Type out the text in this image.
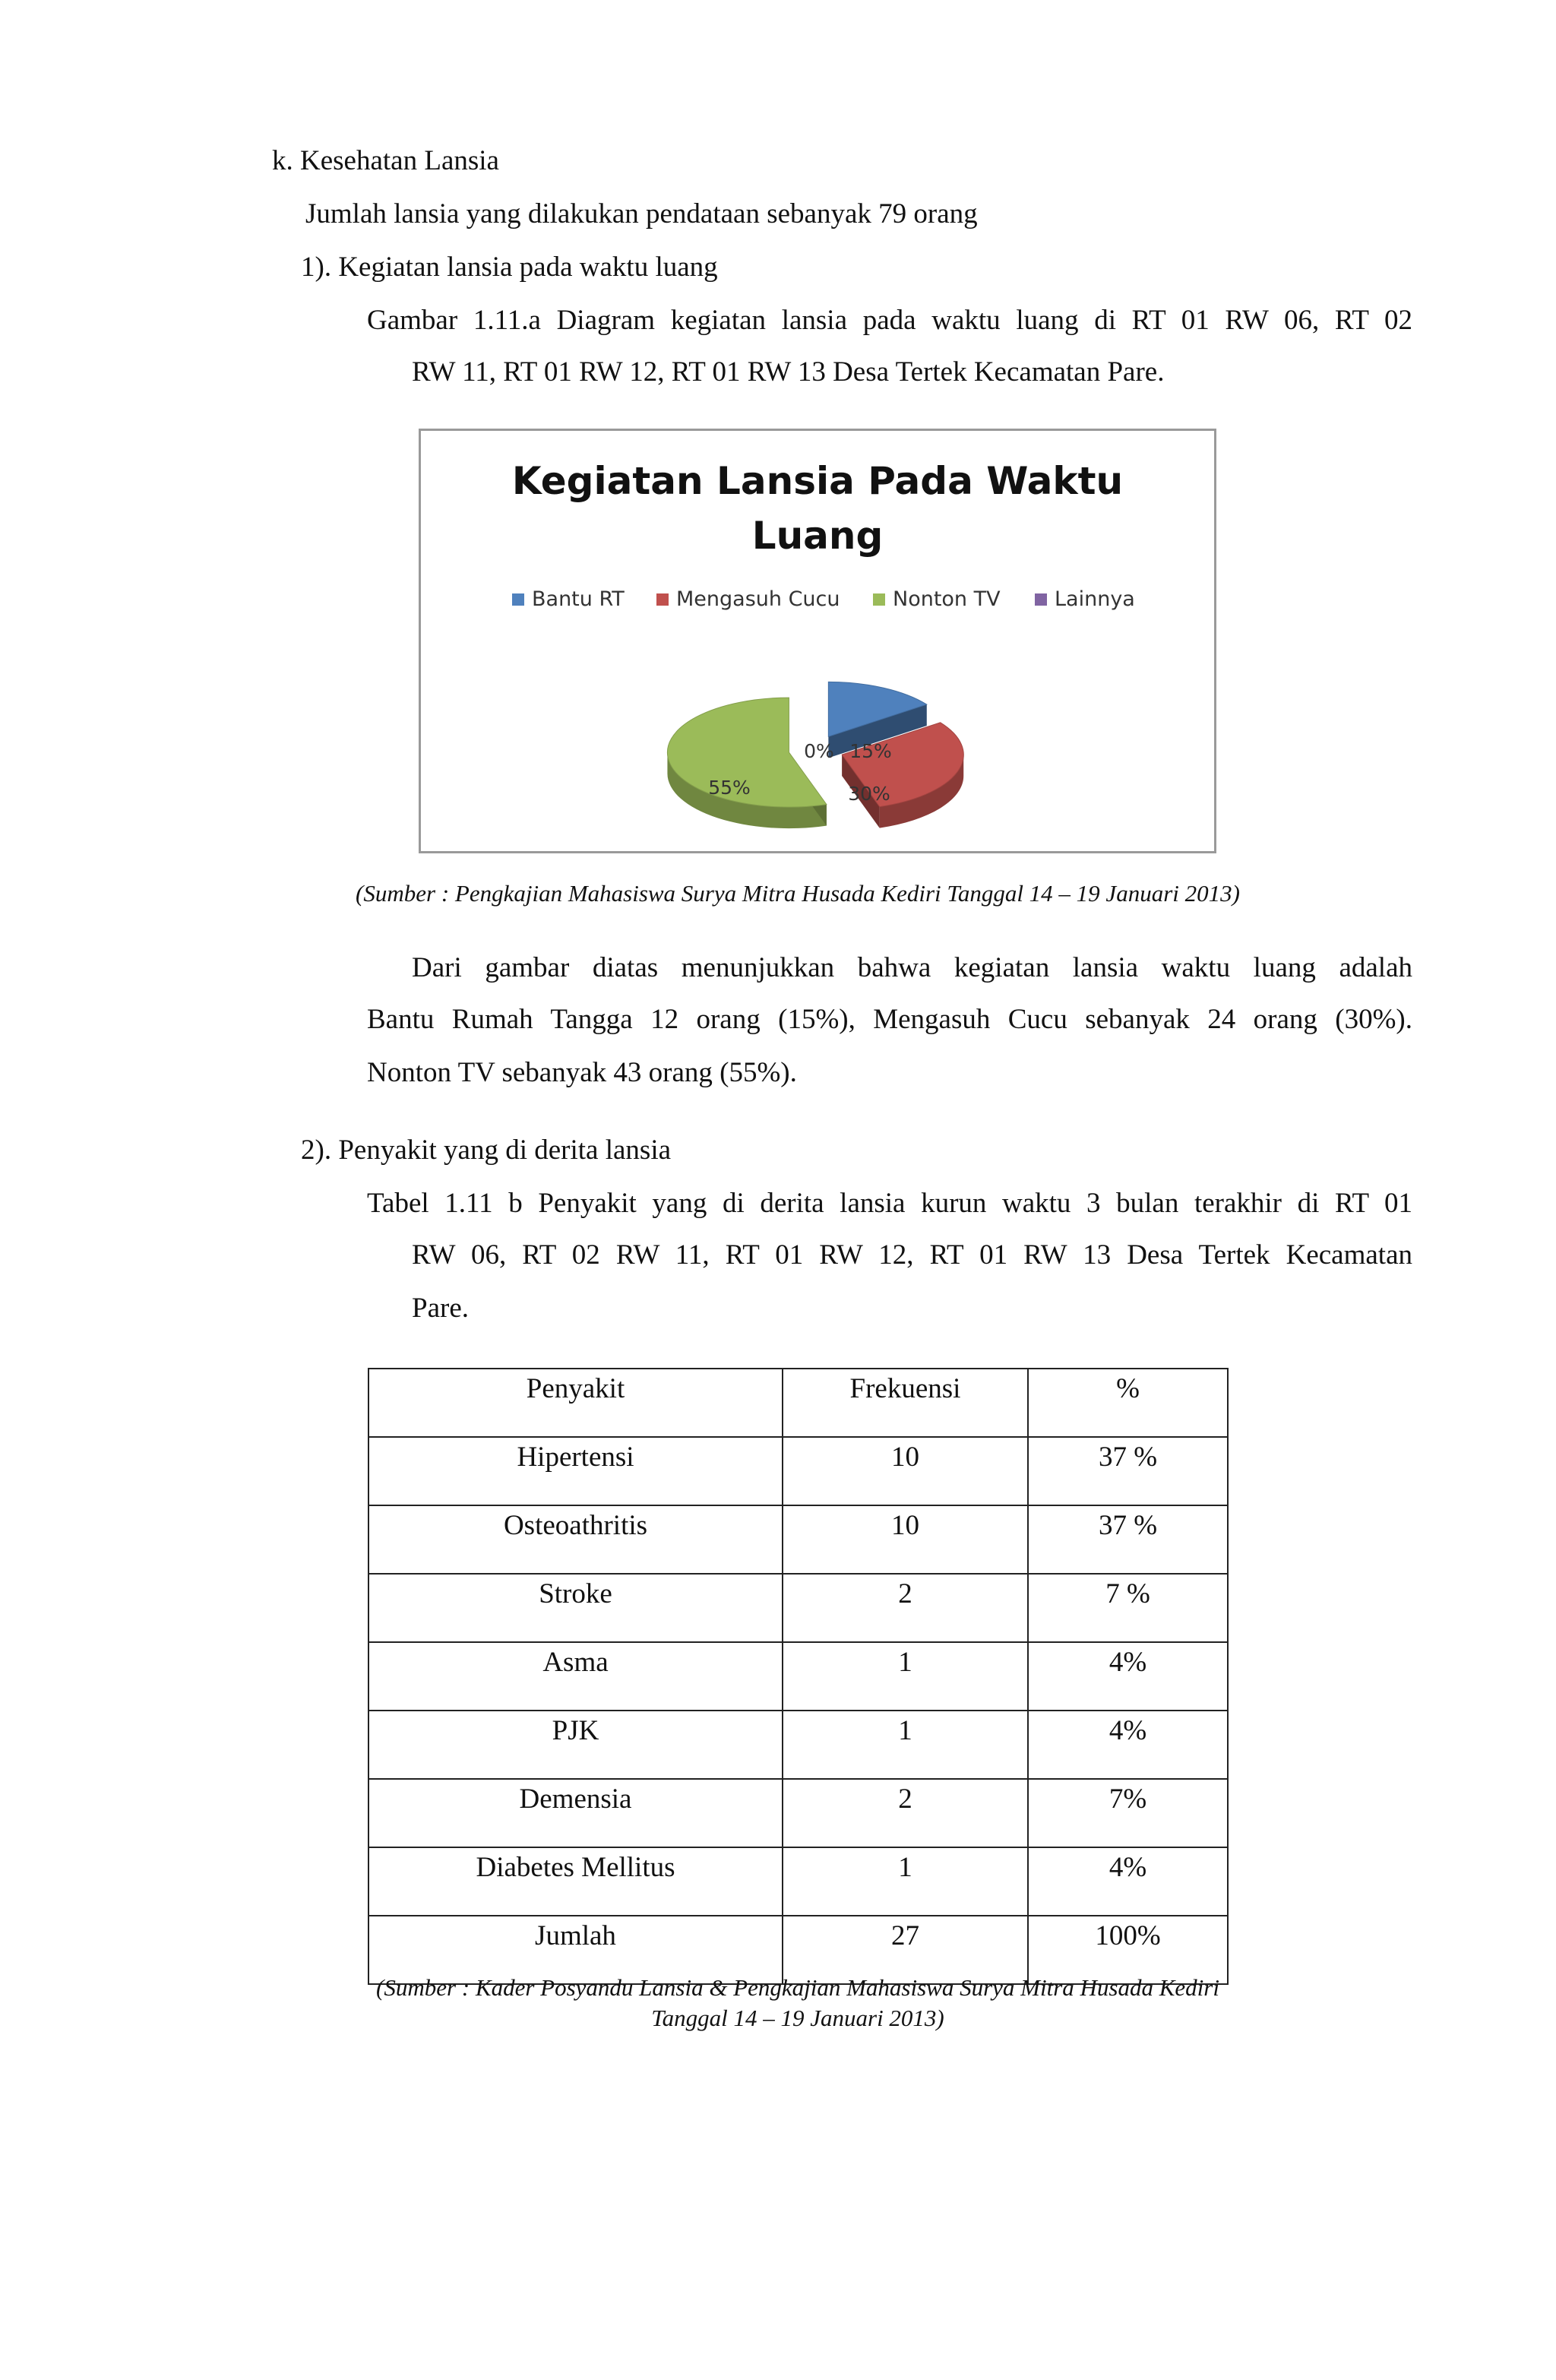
k. Kesehatan Lansia
Jumlah lansia yang dilakukan pendataan sebanyak 79 orang
1). Kegiatan lansia pada waktu luang
Gambar 1.11.a Diagram kegiatan lansia pada waktu luang di RT 01 RW 06, RT 02
RW 11, RT 01 RW 12, RT 01 RW 13 Desa Tertek Kecamatan Pare.
Kegiatan Lansia Pada Waktu
Luang
Bantu RT	Mengasuh Cucu	Nonton TV	Lainnya
15%
30%
55%
0%
(Sumber : Pengkajian Mahasiswa Surya Mitra Husada Kediri Tanggal 14 – 19 Januari 2013)
Dari gambar diatas menunjukkan bahwa kegiatan lansia waktu luang adalah
Bantu Rumah Tangga 12 orang (15%), Mengasuh Cucu sebanyak 24 orang (30%).
Nonton TV sebanyak 43 orang (55%).
2). Penyakit yang di derita lansia
Tabel 1.11 b Penyakit yang di derita lansia kurun waktu 3 bulan terakhir di RT 01
RW 06, RT 02 RW 11, RT 01 RW 12, RT 01 RW 13 Desa Tertek Kecamatan
Pare.
Penyakit	Frekuensi	%
Hipertensi	10	37 %
Osteoathritis	10	37 %
Stroke	2	7 %
Asma	1	4%
PJK	1	4%
Demensia	2	7%
Diabetes Mellitus	1	4%
Jumlah	27	100%
(Sumber : Kader Posyandu Lansia & Pengkajian Mahasiswa Surya Mitra Husada Kediri
Tanggal 14 – 19 Januari 2013)
